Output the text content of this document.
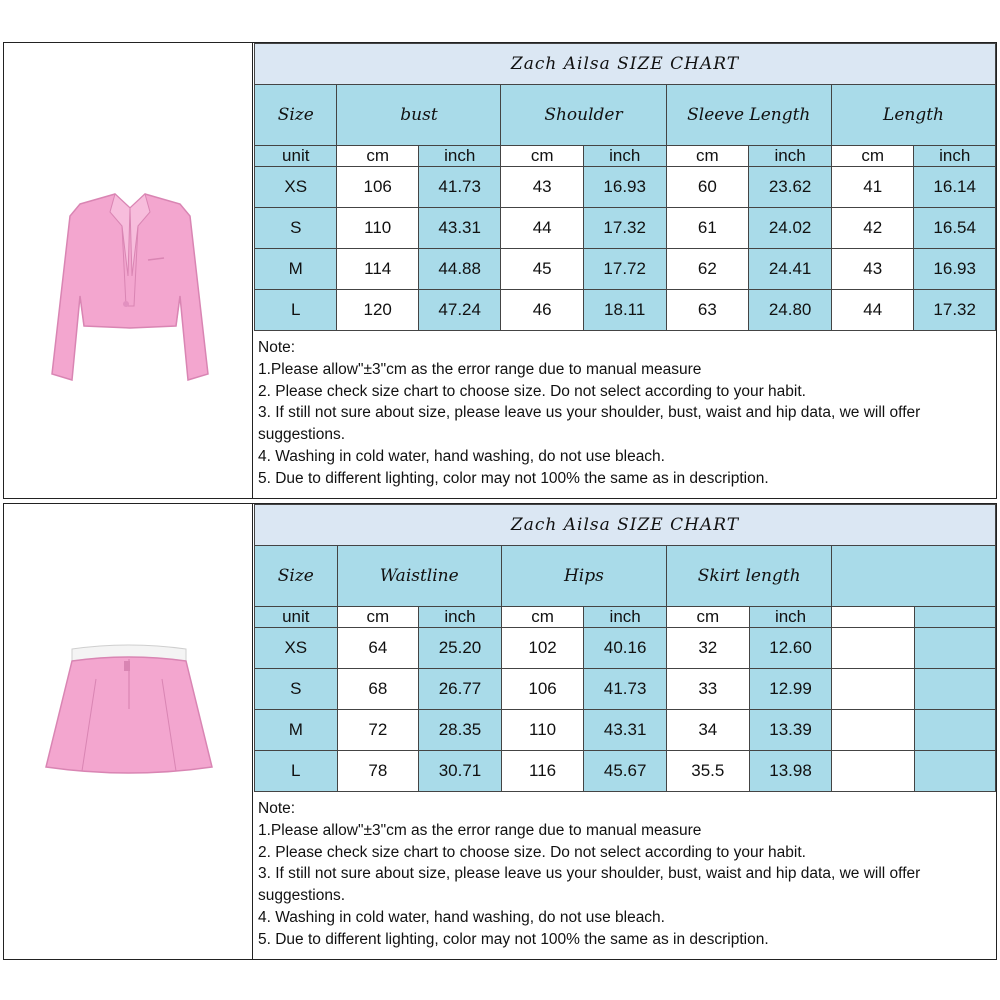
Zach Ailsa SIZE CHART								
Size	bust		Shoulder		Sleeve Length		Length	
unit	cm	inch	cm	inch	cm	inch	cm	inch
XS	106	41.73	43	16.93	60	23.62	41	16.14
S	110	43.31	44	17.32	61	24.02	42	16.54
M	114	44.88	45	17.72	62	24.41	43	16.93
L	120	47.24	46	18.11	63	24.80	44	17.32
Note:
1.Please allow"±3"cm as the error range due to manual measure
2. Please check size chart to choose size. Do not select according to your habit.
3. If still not sure about size, please leave us your shoulder, bust, waist and hip data, we will offer suggestions.
4. Washing in cold water, hand washing, do not use bleach.
5. Due to different lighting, color may not 100% the same as in description.
Zach Ailsa SIZE CHART								
Size	Waistline		Hips		Skirt length			
unit	cm	inch	cm	inch	cm	inch		
XS	64	25.20	102	40.16	32	12.60		
S	68	26.77	106	41.73	33	12.99		
M	72	28.35	110	43.31	34	13.39		
L	78	30.71	116	45.67	35.5	13.98		
Note:
1.Please allow"±3"cm as the error range due to manual measure
2. Please check size chart to choose size. Do not select according to your habit.
3. If still not sure about size, please leave us your shoulder, bust, waist and hip data, we will offer suggestions.
4. Washing in cold water, hand washing, do not use bleach.
5. Due to different lighting, color may not 100% the same as in description.
